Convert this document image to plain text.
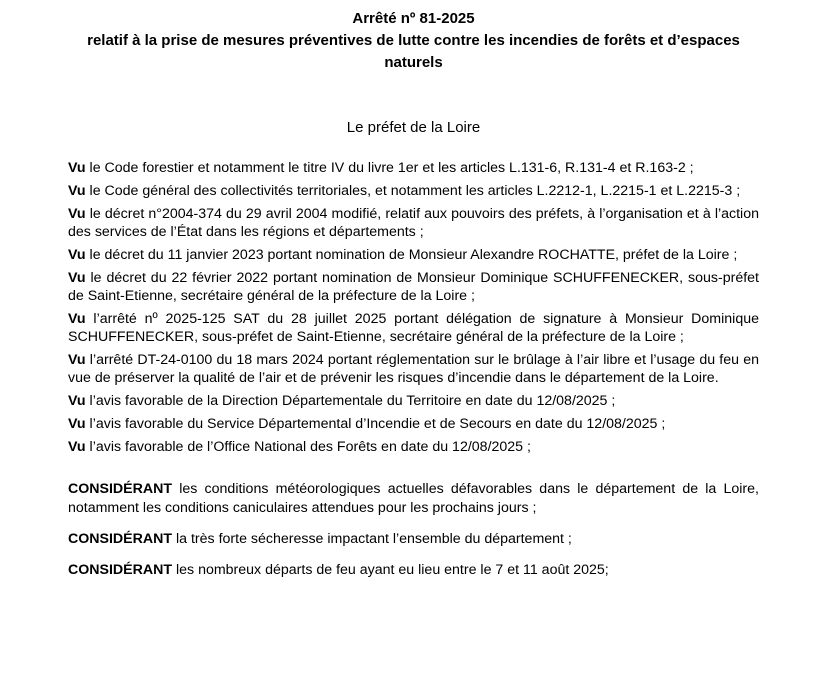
Arrêté nº 81-2025
relatif à la prise de mesures préventives de lutte contre les incendies de forêts et d’espaces naturels
Le préfet de la Loire

Vu le Code forestier et notamment le titre IV du livre 1er et les articles L.131-6, R.131-4 et R.163-2 ;

Vu le Code général des collectivités territoriales, et notamment les articles L.2212-1, L.2215-1 et L.2215-3 ;

Vu le décret n°2004-374 du 29 avril 2004 modifié, relatif aux pouvoirs des préfets, à l’organisation et à l’action des services de l’État dans les régions et départements ;

Vu le décret du 11 janvier 2023 portant nomination de Monsieur Alexandre ROCHATTE, préfet de la Loire ;

Vu le décret du 22 février 2022 portant nomination de Monsieur Dominique SCHUFFENECKER, sous-préfet de Saint-Etienne, secrétaire général de la préfecture de la Loire ;

Vu l’arrêté nº 2025-125 SAT du 28 juillet 2025 portant délégation de signature à Monsieur Dominique SCHUFFENECKER, sous-préfet de Saint-Etienne, secrétaire général de la préfecture de la Loire ;

Vu l’arrêté DT-24-0100 du 18 mars 2024 portant réglementation sur le brûlage à l’air libre et l’usage du feu en vue de préserver la qualité de l’air et de prévenir les risques d’incendie dans le département de la Loire.

Vu l’avis favorable de la Direction Départementale du Territoire en date du 12/08/2025 ;

Vu l’avis favorable du Service Départemental d’Incendie et de Secours en date du 12/08/2025 ;

Vu l’avis favorable de l’Office National des Forêts en date du 12/08/2025 ;

CONSIDÉRANT les conditions météorologiques actuelles défavorables dans le département de la Loire, notamment les conditions caniculaires attendues pour les prochains jours ;

CONSIDÉRANT la très forte sécheresse impactant l’ensemble du département ;

CONSIDÉRANT les nombreux départs de feu ayant eu lieu entre le 7 et 11 août 2025;
